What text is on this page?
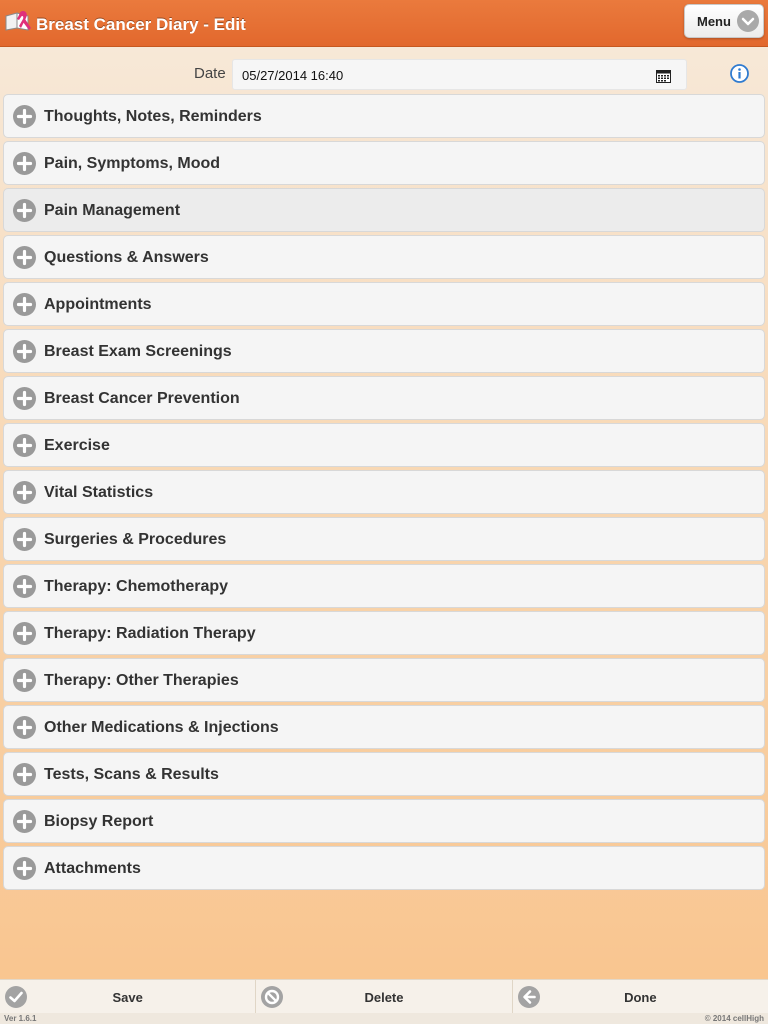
Breast Cancer Diary - Edit	Menu
Date 05/27/2014 16:40
Thoughts, Notes, Reminders
Pain, Symptoms, Mood
Pain Management
Questions & Answers
Appointments
Breast Exam Screenings
Breast Cancer Prevention
Exercise
Vital Statistics
Surgeries & Procedures
Therapy: Chemotherapy
Therapy: Radiation Therapy
Therapy: Other Therapies
Other Medications & Injections
Tests, Scans & Results
Biopsy Report
Attachments
Save	Delete	Done
Ver 1.6.1	© 2014 cellHigh
